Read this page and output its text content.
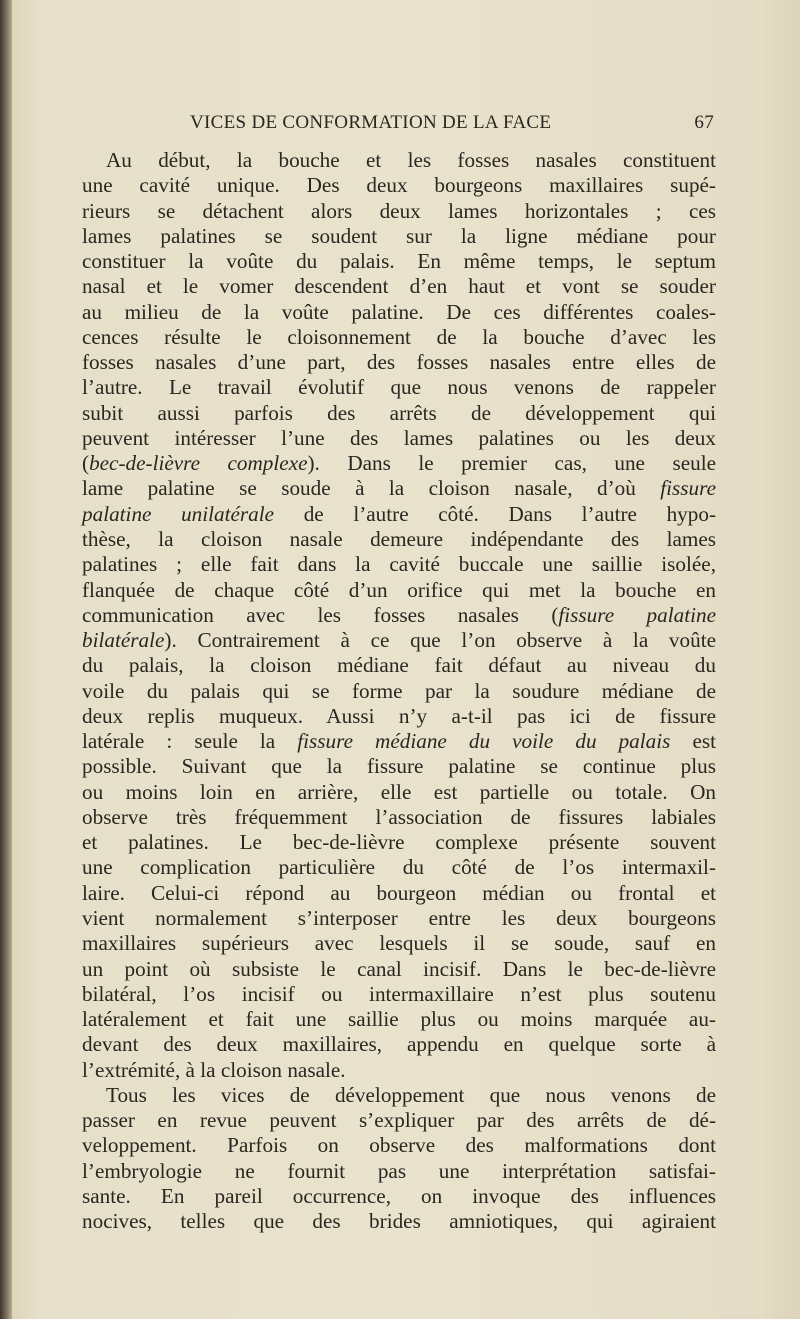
VICES DE CONFORMATION DE LA FACE	67
Au début, la bouche et les fosses nasales constituent
une cavité unique. Des deux bourgeons maxillaires supé-
rieurs se détachent alors deux lames horizontales ; ces
lames palatines se soudent sur la ligne médiane pour
constituer la voûte du palais. En même temps, le septum
nasal et le vomer descendent d’en haut et vont se souder
au milieu de la voûte palatine. De ces différentes coales-
cences résulte le cloisonnement de la bouche d’avec les
fosses nasales d’une part, des fosses nasales entre elles de
l’autre. Le travail évolutif que nous venons de rappeler
subit aussi parfois des arrêts de développement qui
peuvent intéresser l’une des lames palatines ou les deux
(bec-de-lièvre complexe). Dans le premier cas, une seule
lame palatine se soude à la cloison nasale, d’où fissure
palatine unilatérale de l’autre côté. Dans l’autre hypo-
thèse, la cloison nasale demeure indépendante des lames
palatines ; elle fait dans la cavité buccale une saillie isolée,
flanquée de chaque côté d’un orifice qui met la bouche en
communication avec les fosses nasales (fissure palatine
bilatérale). Contrairement à ce que l’on observe à la voûte
du palais, la cloison médiane fait défaut au niveau du
voile du palais qui se forme par la soudure médiane de
deux replis muqueux. Aussi n’y a-t-il pas ici de fissure
latérale : seule la fissure médiane du voile du palais est
possible. Suivant que la fissure palatine se continue plus
ou moins loin en arrière, elle est partielle ou totale. On
observe très fréquemment l’association de fissures labiales
et palatines. Le bec-de-lièvre complexe présente souvent
une complication particulière du côté de l’os intermaxil-
laire. Celui-ci répond au bourgeon médian ou frontal et
vient normalement s’interposer entre les deux bourgeons
maxillaires supérieurs avec lesquels il se soude, sauf en
un point où subsiste le canal incisif. Dans le bec-de-lièvre
bilatéral, l’os incisif ou intermaxillaire n’est plus soutenu
latéralement et fait une saillie plus ou moins marquée au-
devant des deux maxillaires, appendu en quelque sorte à
l’extrémité, à la cloison nasale.
Tous les vices de développement que nous venons de
passer en revue peuvent s’expliquer par des arrêts de dé-
veloppement. Parfois on observe des malformations dont
l’embryologie ne fournit pas une interprétation satisfai-
sante. En pareil occurrence, on invoque des influences
nocives, telles que des brides amniotiques, qui agiraient
